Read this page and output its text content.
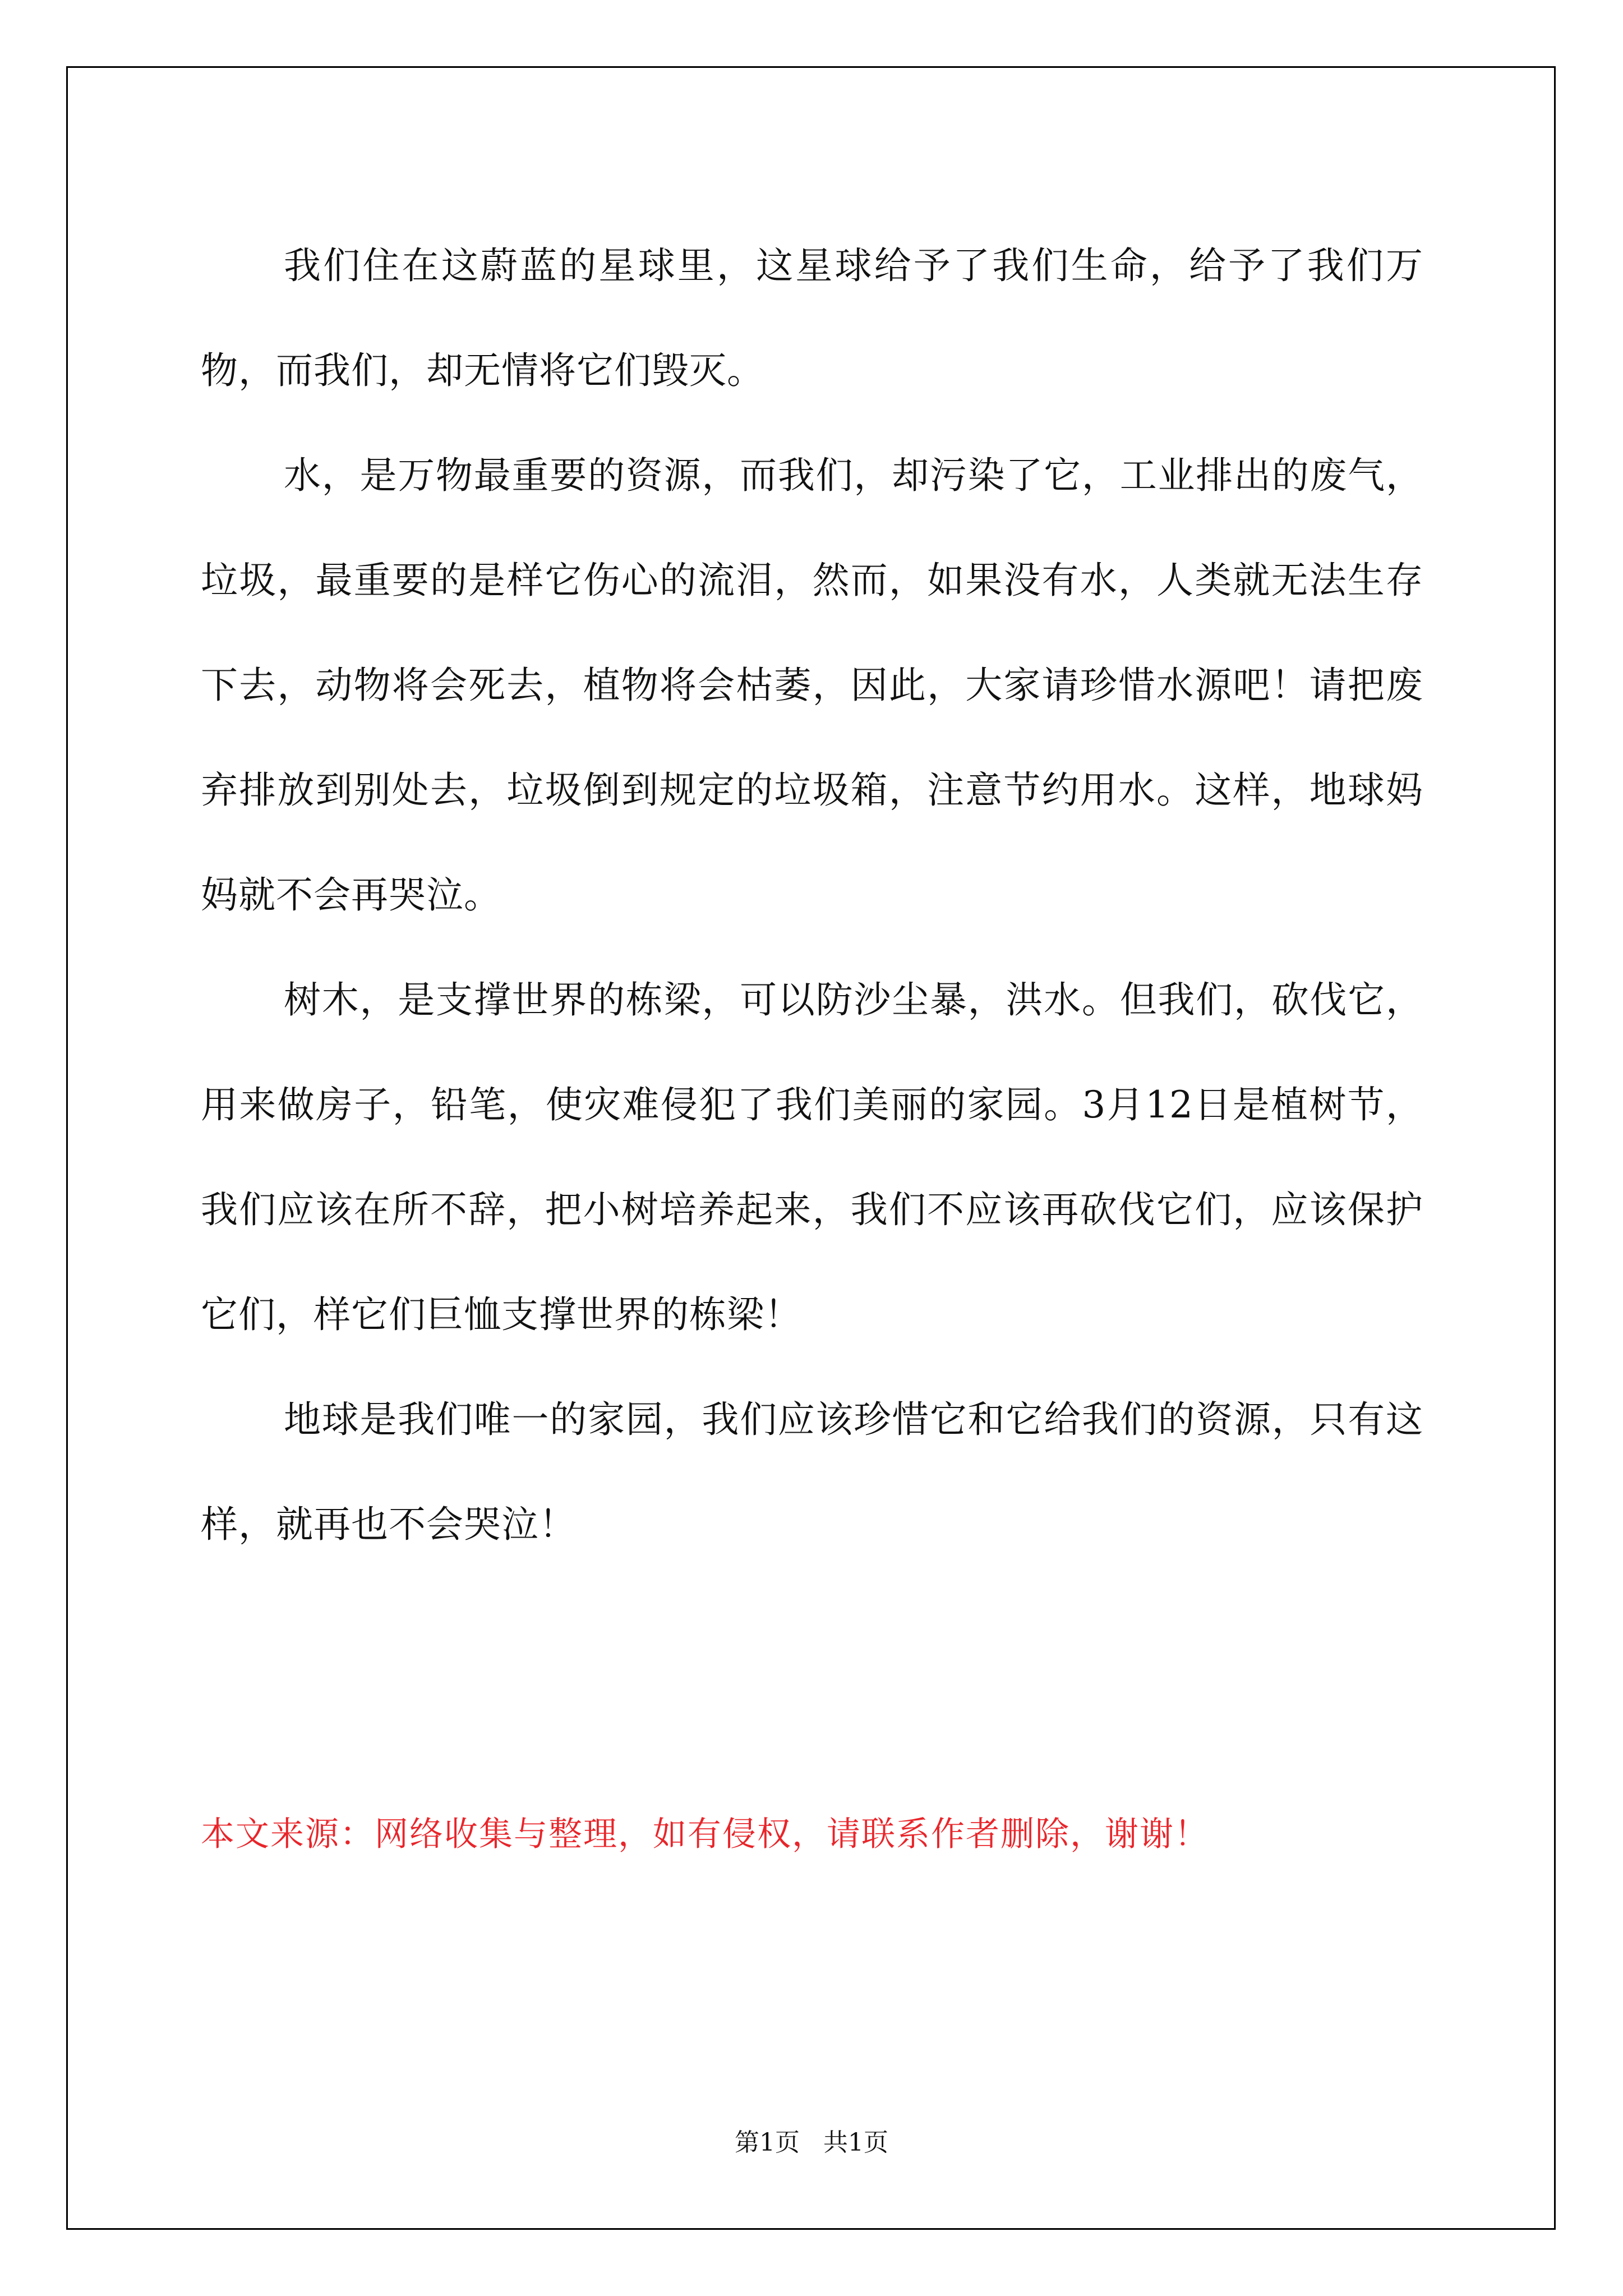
我们住在这蔚蓝的星球里，这星球给予了我们生命，给予了我们万物，而我们，却无情将它们毁灭。

水，是万物最重要的资源，而我们，却污染了它，工业排出的废气，垃圾，最重要的是样它伤心的流泪，然而，如果没有水，人类就无法生存下去，动物将会死去，植物将会枯萎，因此，大家请珍惜水源吧！请把废弃排放到别处去，垃圾倒到规定的垃圾箱，注意节约用水。这样，地球妈妈就不会再哭泣。

树木，是支撑世界的栋梁，可以防沙尘暴，洪水。但我们，砍伐它，用来做房子，铅笔，使灾难侵犯了我们美丽的家园。3月12日是植树节，我们应该在所不辞，把小树培养起来，我们不应该再砍伐它们，应该保护它们，样它们巨恤支撑世界的栋梁！

地球是我们唯一的家园，我们应该珍惜它和它给我们的资源，只有这样，就再也不会哭泣！

本文来源：网络收集与整理，如有侵权，请联系作者删除，谢谢！
第1页   共1页
